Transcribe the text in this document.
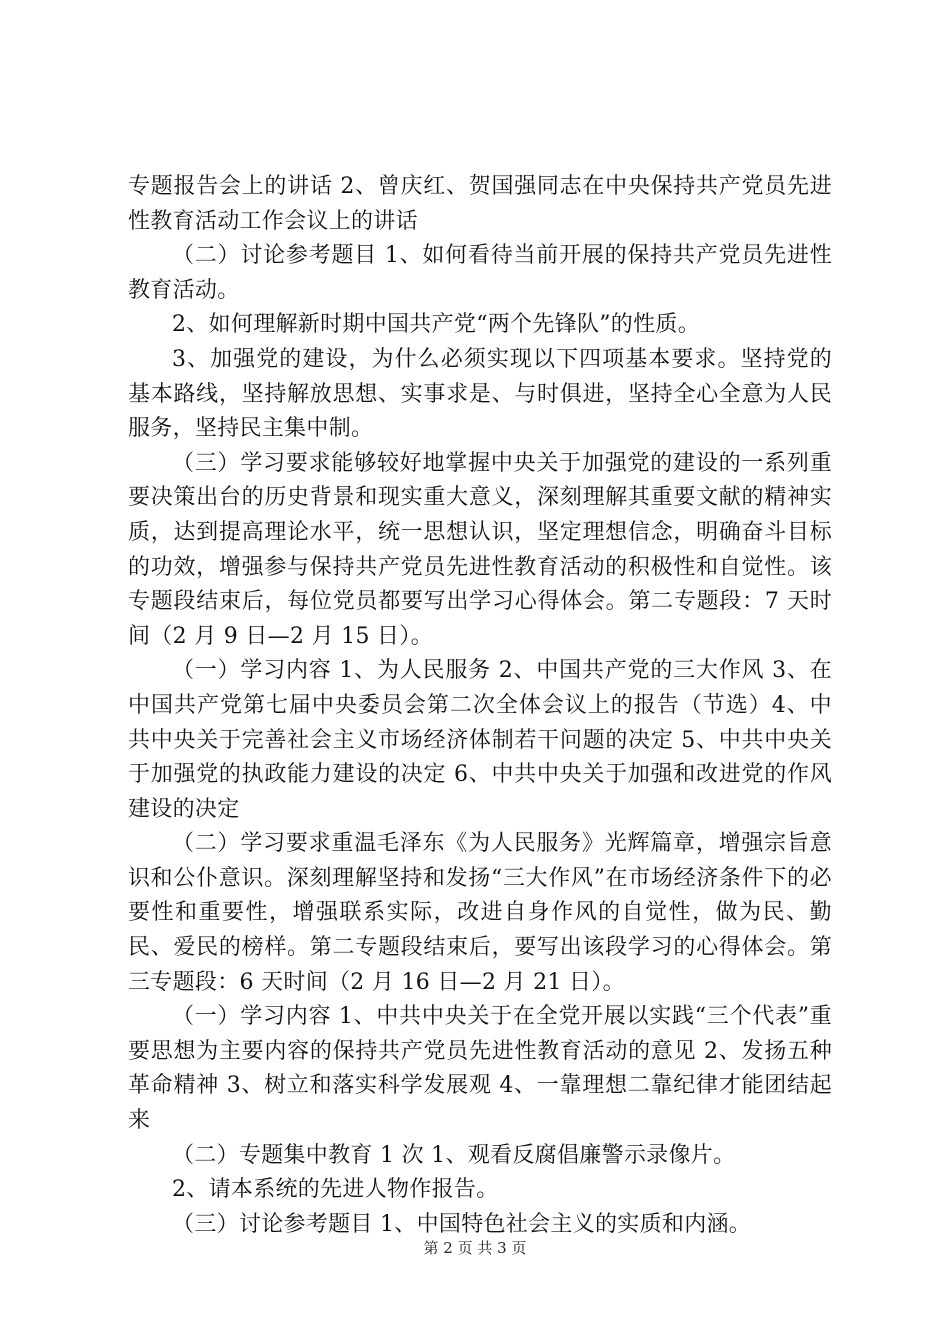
专题报告会上的讲话 2、曾庆红、贺国强同志在中央保持共产党员先进性教育活动工作会议上的讲话

（二）讨论参考题目 1、如何看待当前开展的保持共产党员先进性教育活动。

2、如何理解新时期中国共产党“两个先锋队”的性质。

3、加强党的建设，为什么必须实现以下四项基本要求。坚持党的基本路线，坚持解放思想、实事求是、与时俱进，坚持全心全意为人民服务，坚持民主集中制。

（三）学习要求能够较好地掌握中央关于加强党的建设的一系列重要决策出台的历史背景和现实重大意义，深刻理解其重要文献的精神实质，达到提高理论水平，统一思想认识，坚定理想信念，明确奋斗目标的功效，增强参与保持共产党员先进性教育活动的积极性和自觉性。该专题段结束后，每位党员都要写出学习心得体会。第二专题段：7 天时间（2 月 9 日—2 月 15 日）。

（一）学习内容 1、为人民服务 2、中国共产党的三大作风 3、在中国共产党第七届中央委员会第二次全体会议上的报告（节选）4、中共中央关于完善社会主义市场经济体制若干问题的决定 5、中共中央关于加强党的执政能力建设的决定 6、中共中央关于加强和改进党的作风建设的决定

（二）学习要求重温毛泽东《为人民服务》光辉篇章，增强宗旨意识和公仆意识。深刻理解坚持和发扬“三大作风”在市场经济条件下的必要性和重要性，增强联系实际，改进自身作风的自觉性，做为民、勤民、爱民的榜样。第二专题段结束后，要写出该段学习的心得体会。第三专题段：6 天时间（2 月 16 日—2 月 21 日）。

（一）学习内容 1、中共中央关于在全党开展以实践“三个代表”重要思想为主要内容的保持共产党员先进性教育活动的意见 2、发扬五种革命精神 3、树立和落实科学发展观 4、一靠理想二靠纪律才能团结起来

（二）专题集中教育 1 次 1、观看反腐倡廉警示录像片。

2、请本系统的先进人物作报告。

（三）讨论参考题目 1、中国特色社会主义的实质和内涵。

第 2 页 共 3 页
